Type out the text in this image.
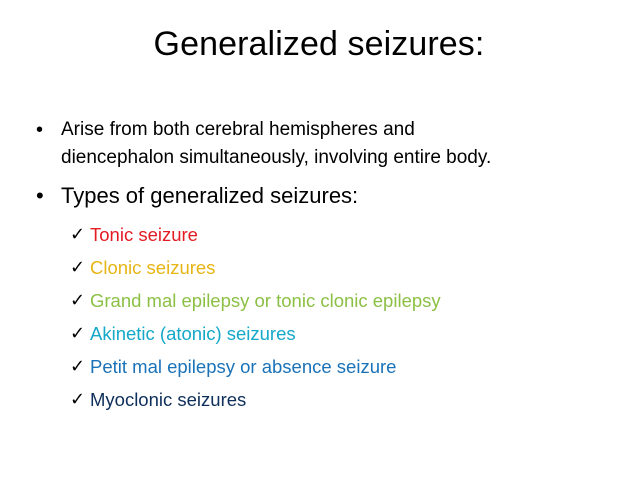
Generalized seizures:
• Arise from both cerebral hemispheres and
diencephalon simultaneously, involving entire body.
• Types of generalized seizures:
✓ Tonic seizure
✓ Clonic seizures
✓ Grand mal epilepsy or tonic clonic epilepsy
✓ Akinetic (atonic) seizures
✓ Petit mal epilepsy or absence seizure
✓ Myoclonic seizures
